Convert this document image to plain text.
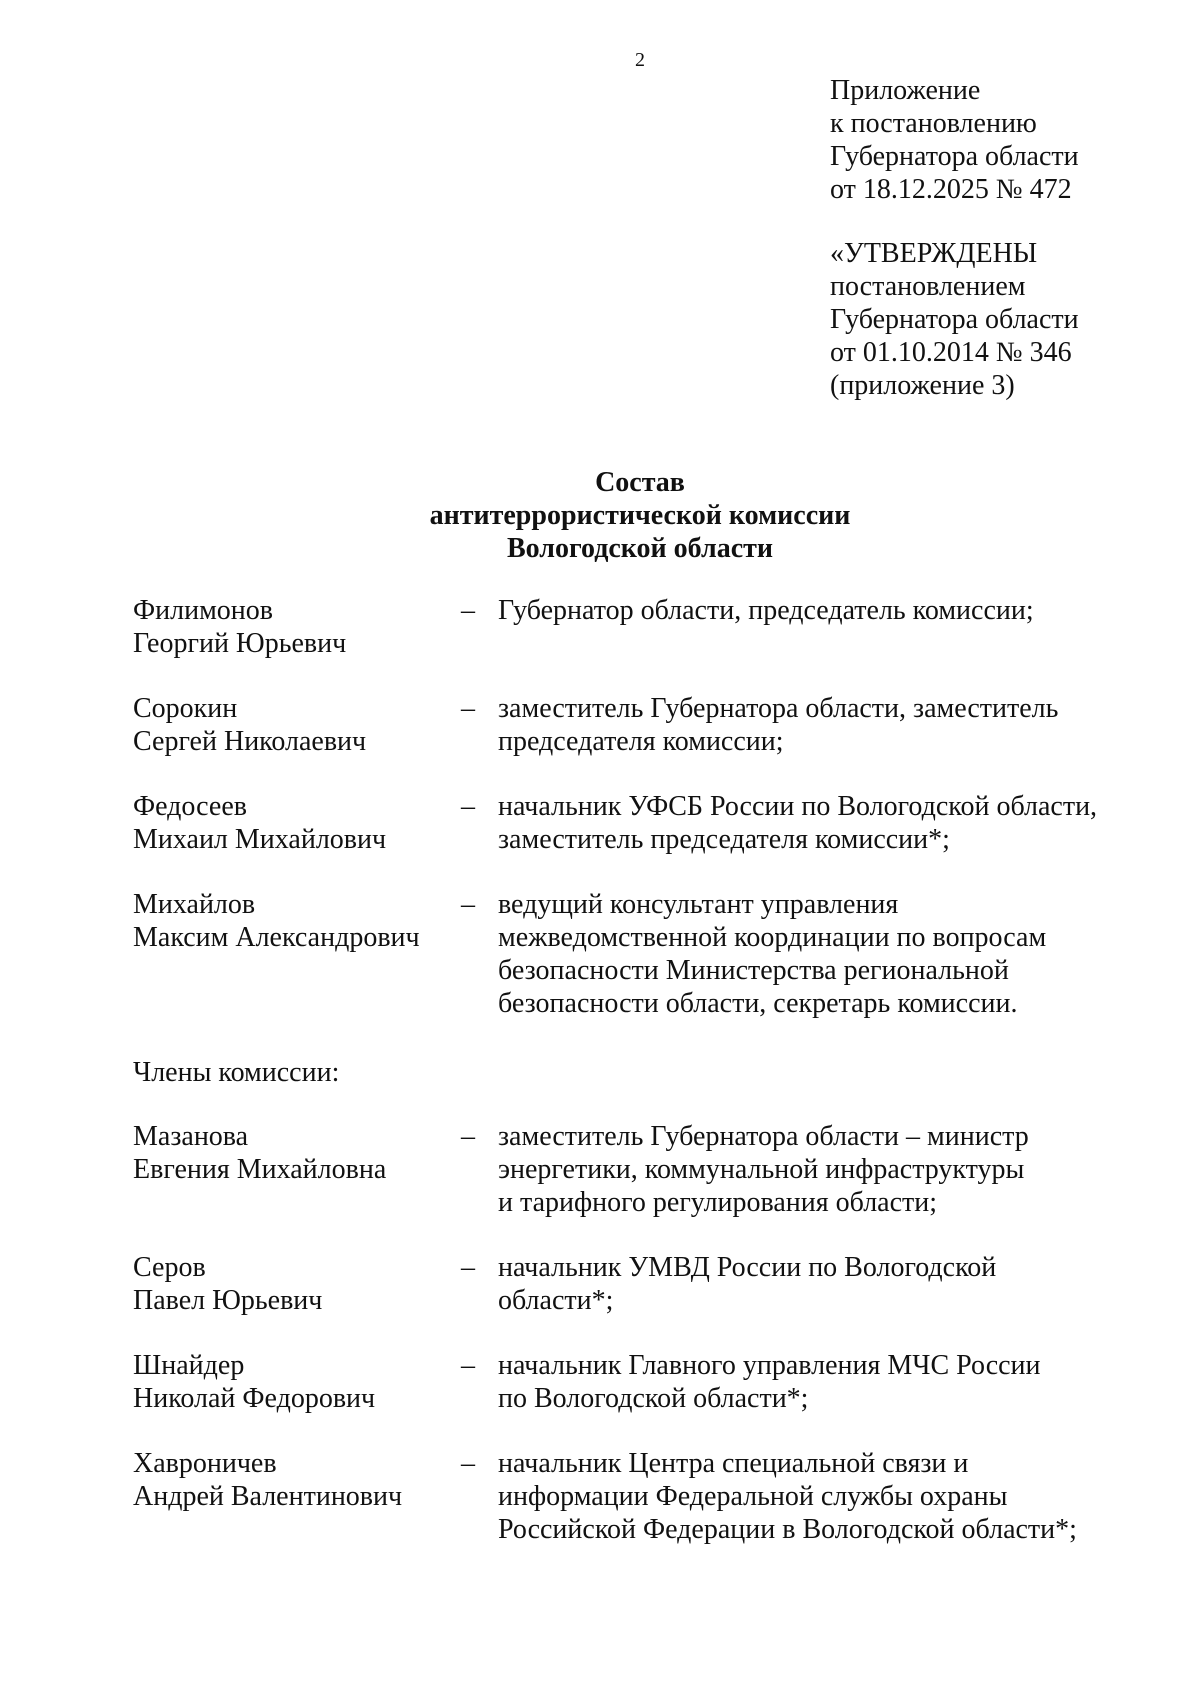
2
Приложение
к постановлению
Губернатора области
от 18.12.2025 № 472
«УТВЕРЖДЕНЫ
постановлением
Губернатора области
от 01.10.2014 № 346
(приложение 3)
Состав
антитеррористической комиссии
Вологодской области
Филимонов
Георгий Юрьевич
– Губернатор области, председатель комиссии;
Сорокин
Сергей Николаевич
– заместитель Губернатора области, заместитель
председателя комиссии;
Федосеев
Михаил Михайлович
– начальник УФСБ России по Вологодской области,
заместитель председателя комиссии*;
Михайлов
Максим Александрович
– ведущий консультант управления
межведомственной координации по вопросам
безопасности Министерства региональной
безопасности области, секретарь комиссии.
Члены комиссии:
Мазанова
Евгения Михайловна
– заместитель Губернатора области – министр
энергетики, коммунальной инфраструктуры
и тарифного регулирования области;
Серов
Павел Юрьевич
– начальник УМВД России по Вологодской
области*;
Шнайдер
Николай Федорович
– начальник Главного управления МЧС России
по Вологодской области*;
Хавроничев
Андрей Валентинович
– начальник Центра специальной связи и
информации Федеральной службы охраны
Российской Федерации в Вологодской области*;
